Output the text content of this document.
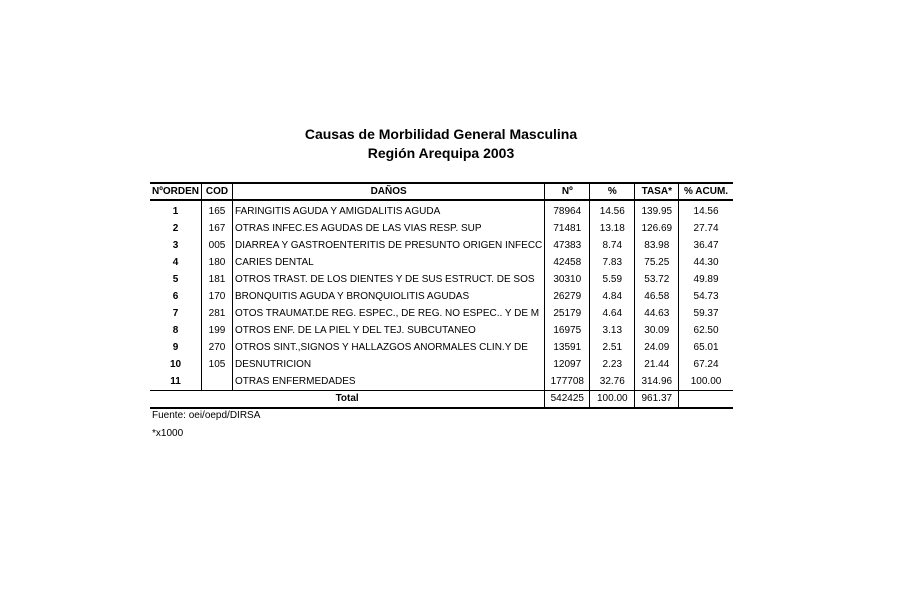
Causas de Morbilidad General Masculina
Región Arequipa 2003
NºORDEN	COD	DAÑOS	Nº	%	TASA*	% ACUM.
1	165	FARINGITIS AGUDA Y AMIGDALITIS AGUDA	78964	14.56	139.95	14.56
2	167	OTRAS INFEC.ES AGUDAS DE LAS VIAS RESP. SUP	71481	13.18	126.69	27.74
3	005	DIARREA Y GASTROENTERITIS DE PRESUNTO ORIGEN INFECC	47383	8.74	83.98	36.47
4	180	CARIES DENTAL	42458	7.83	75.25	44.30
5	181	OTROS TRAST. DE LOS DIENTES Y DE SUS ESTRUCT. DE SOS	30310	5.59	53.72	49.89
6	170	BRONQUITIS AGUDA Y BRONQUIOLITIS AGUDAS	26279	4.84	46.58	54.73
7	281	OTOS TRAUMAT.DE REG. ESPEC., DE REG. NO ESPEC.. Y DE M	25179	4.64	44.63	59.37
8	199	OTROS ENF. DE LA PIEL Y DEL TEJ. SUBCUTANEO	16975	3.13	30.09	62.50
9	270	OTROS SINT.,SIGNOS Y HALLAZGOS ANORMALES CLIN.Y DE	13591	2.51	24.09	65.01
10	105	DESNUTRICION	12097	2.23	21.44	67.24
11		OTRAS ENFERMEDADES	177708	32.76	314.96	100.00
Total			542425	100.00	961.37	
Fuente: oei/oepd/DIRSA
*x1000
